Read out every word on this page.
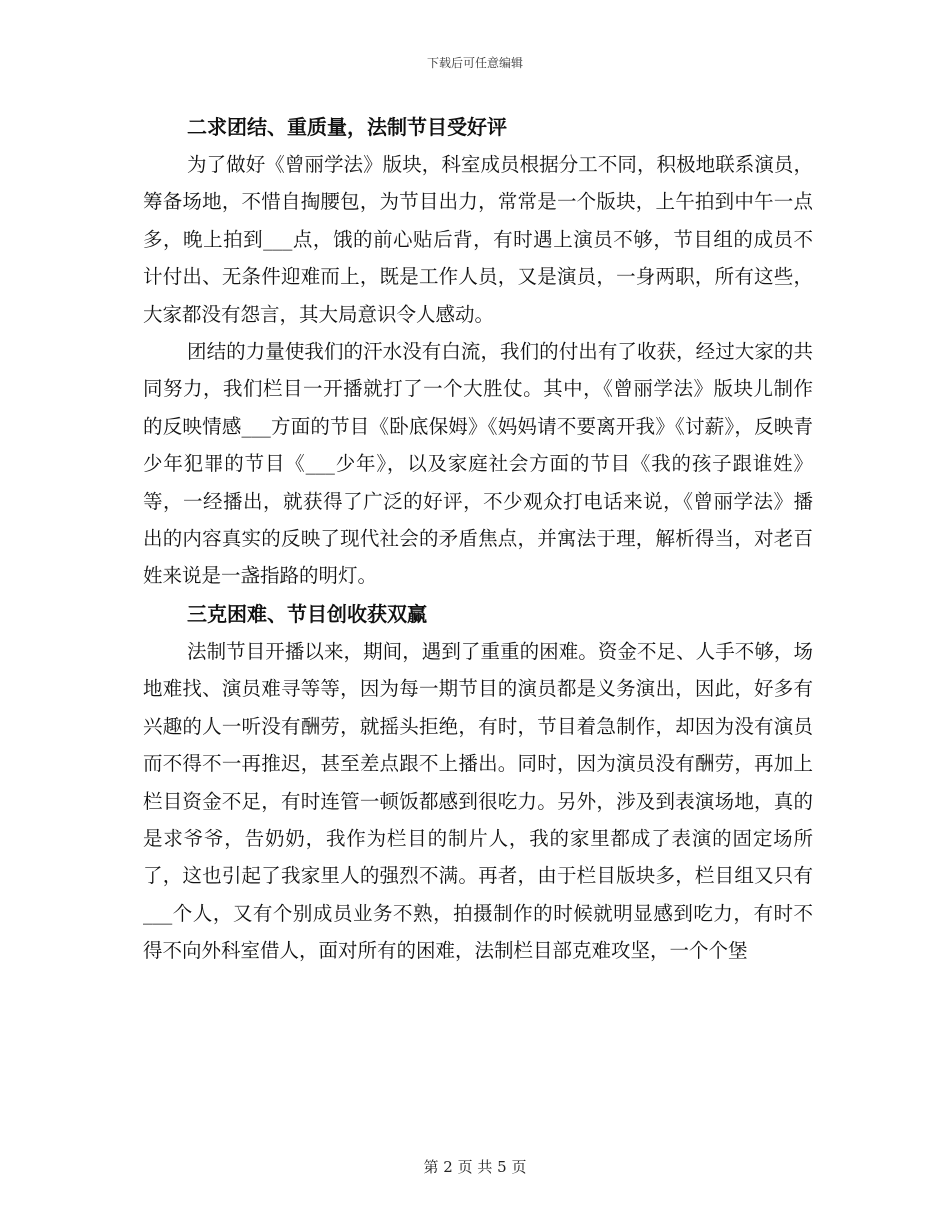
下载后可任意编辑
二求团结、重质量，法制节目受好评

为了做好《曾丽学法》版块，科室成员根据分工不同，积极地联系演员，筹备场地，不惜自掏腰包，为节目出力，常常是一个版块，上午拍到中午一点多，晚上拍到___点，饿的前心贴后背，有时遇上演员不够，节目组的成员不计付出、无条件迎难而上，既是工作人员，又是演员，一身两职，所有这些，大家都没有怨言，其大局意识令人感动。

团结的力量使我们的汗水没有白流，我们的付出有了收获，经过大家的共同努力，我们栏目一开播就打了一个大胜仗。其中，《曾丽学法》版块儿制作的反映情感___方面的节目《卧底保姆》《妈妈请不要离开我》《讨薪》，反映青少年犯罪的节目《___少年》，以及家庭社会方面的节目《我的孩子跟谁姓》等，一经播出，就获得了广泛的好评，不少观众打电话来说，《曾丽学法》播出的内容真实的反映了现代社会的矛盾焦点，并寓法于理，解析得当，对老百姓来说是一盏指路的明灯。

三克困难、节目创收获双赢

法制节目开播以来，期间，遇到了重重的困难。资金不足、人手不够，场地难找、演员难寻等等，因为每一期节目的演员都是义务演出，因此，好多有兴趣的人一听没有酬劳，就摇头拒绝，有时，节目着急制作，却因为没有演员而不得不一再推迟，甚至差点跟不上播出。同时，因为演员没有酬劳，再加上栏目资金不足，有时连管一顿饭都感到很吃力。另外，涉及到表演场地，真的是求爷爷，告奶奶，我作为栏目的制片人，我的家里都成了表演的固定场所了，这也引起了我家里人的强烈不满。再者，由于栏目版块多，栏目组又只有___个人，又有个别成员业务不熟，拍摄制作的时候就明显感到吃力，有时不得不向外科室借人，面对所有的困难，法制栏目部克难攻坚，一个个堡

第 2 页 共 5 页
